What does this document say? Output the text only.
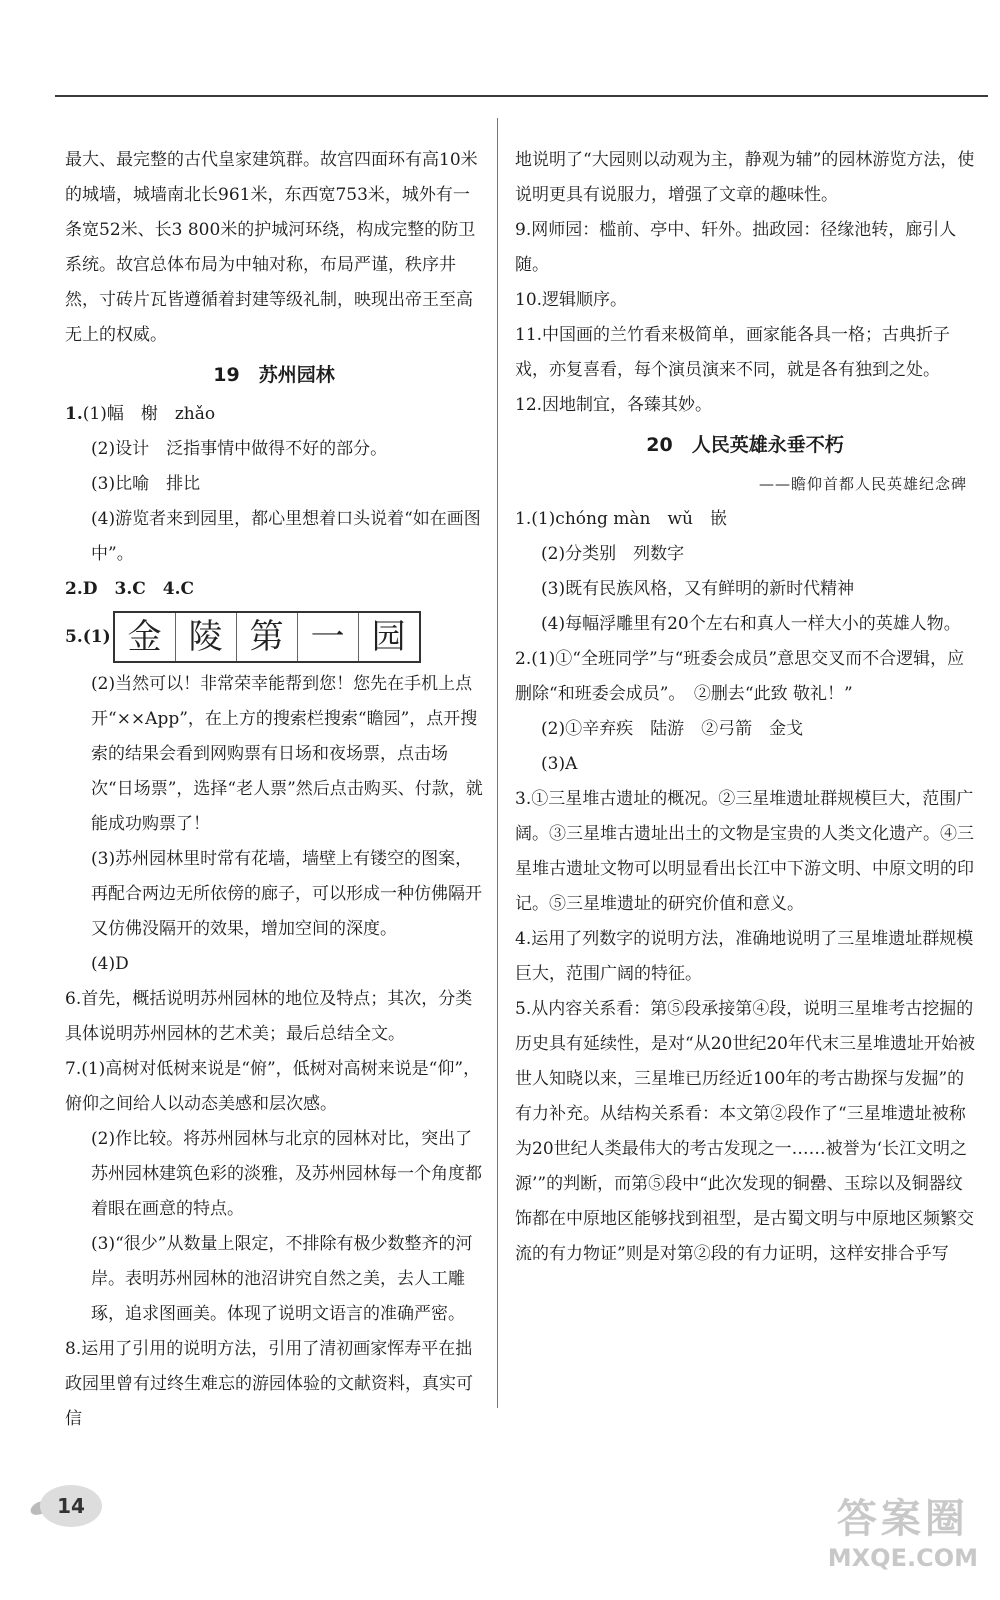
最大、最完整的古代皇家建筑群。故宫四面环有高10米的城墙，城墙南北长961米，东西宽753米，城外有一条宽52米、长3 800米的护城河环绕，构成完整的防卫系统。故宫总体布局为中轴对称，布局严谨，秩序井然，寸砖片瓦皆遵循着封建等级礼制，映现出帝王至高无上的权威。

19　苏州园林

1.(1)幅　榭　zhǎo

(2)设计　泛指事情中做得不好的部分。

(3)比喻　排比

(4)游览者来到园里，都心里想着口头说着“如在画图中”。

2.D　3.C　4.C

5.(1) 金 陵 第 一 园

(2)当然可以！非常荣幸能帮到您！您先在手机上点开“××App”，在上方的搜索栏搜索“瞻园”，点开搜索的结果会看到网购票有日场和夜场票，点击场次“日场票”，选择“老人票”然后点击购买、付款，就能成功购票了！

(3)苏州园林里时常有花墙，墙壁上有镂空的图案，再配合两边无所依傍的廊子，可以形成一种仿佛隔开又仿佛没隔开的效果，增加空间的深度。

(4)D

6.首先，概括说明苏州园林的地位及特点；其次，分类具体说明苏州园林的艺术美；最后总结全文。

7.(1)高树对低树来说是“俯”，低树对高树来说是“仰”，俯仰之间给人以动态美感和层次感。

(2)作比较。将苏州园林与北京的园林对比，突出了苏州园林建筑色彩的淡雅，及苏州园林每一个角度都着眼在画意的特点。

(3)“很少”从数量上限定，不排除有极少数整齐的河岸。表明苏州园林的池沼讲究自然之美，去人工雕琢，追求图画美。体现了说明文语言的准确严密。

8.运用了引用的说明方法，引用了清初画家恽寿平在拙政园里曾有过终生难忘的游园体验的文献资料，真实可信

地说明了“大园则以动观为主，静观为辅”的园林游览方法，使说明更具有说服力，增强了文章的趣味性。

9.网师园：槛前、亭中、轩外。拙政园：径缘池转，廊引人随。

10.逻辑顺序。

11.中国画的兰竹看来极简单，画家能各具一格；古典折子戏，亦复喜看，每个演员演来不同，就是各有独到之处。

12.因地制宜，各臻其妙。

20　人民英雄永垂不朽
——瞻仰首都人民英雄纪念碑

1.(1)chóng màn　wǔ　嵌

(2)分类别　列数字

(3)既有民族风格，又有鲜明的新时代精神

(4)每幅浮雕里有20个左右和真人一样大小的英雄人物。

2.(1)①“全班同学”与“班委会成员”意思交叉而不合逻辑，应删除“和班委会成员”。　②删去“此致 敬礼！”

(2)①辛弃疾　陆游　②弓箭　金戈

(3)A

3.①三星堆古遗址的概况。②三星堆遗址群规模巨大，范围广阔。③三星堆古遗址出土的文物是宝贵的人类文化遗产。④三星堆古遗址文物可以明显看出长江中下游文明、中原文明的印记。⑤三星堆遗址的研究价值和意义。

4.运用了列数字的说明方法，准确地说明了三星堆遗址群规模巨大，范围广阔的特征。

5.从内容关系看：第⑤段承接第④段，说明三星堆考古挖掘的历史具有延续性，是对“从20世纪20年代末三星堆遗址开始被世人知晓以来，三星堆已历经近100年的考古勘探与发掘”的有力补充。从结构关系看：本文第②段作了“三星堆遗址被称为20世纪人类最伟大的考古发现之一……被誉为‘长江文明之源’”的判断，而第⑤段中“此次发现的铜罍、玉琮以及铜器纹饰都在中原地区能够找到祖型，是古蜀文明与中原地区频繁交流的有力物证”则是对第②段的有力证明，这样安排合乎写

14	答案圈
MXQE.COM
